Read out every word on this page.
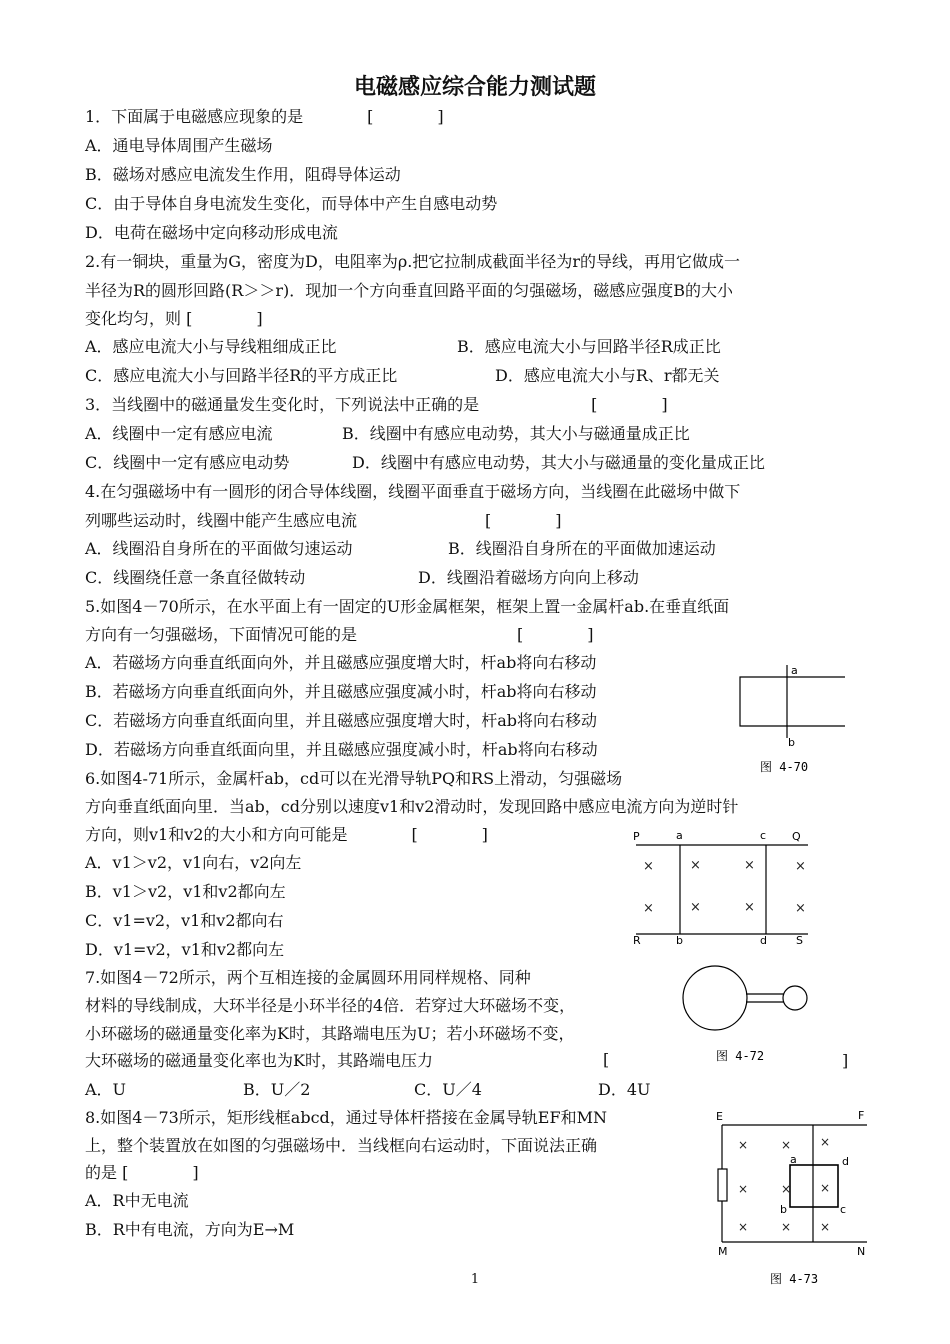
电磁感应综合能力测试题
1．下面属于电磁感应现象的是　　　　[　　　　]
A．通电导体周围产生磁场
B．磁场对感应电流发生作用，阻碍导体运动
C．由于导体自身电流发生变化，而导体中产生自感电动势
D．电荷在磁场中定向移动形成电流
2.有一铜块，重量为G，密度为D，电阻率为ρ.把它拉制成截面半径为r的导线，再用它做成一
半径为R的圆形回路(R＞＞r)．现加一个方向垂直回路平面的匀强磁场，磁感应强度B的大小
变化均匀，则 [　　　　]
A．感应电流大小与导线粗细成正比	B．感应电流大小与回路半径R成正比
C．感应电流大小与回路半径R的平方成正比	D．感应电流大小与R、r都无关
3．当线圈中的磁通量发生变化时，下列说法中正确的是　　　　　　　[　　　　]
A．线圈中一定有感应电流	B．线圈中有感应电动势，其大小与磁通量成正比
C．线圈中一定有感应电动势	D．线圈中有感应电动势，其大小与磁通量的变化量成正比
4.在匀强磁场中有一圆形的闭合导体线圈，线圈平面垂直于磁场方向，当线圈在此磁场中做下
列哪些运动时，线圈中能产生感应电流　　　　　　　　[　　　　]
A．线圈沿自身所在的平面做匀速运动	B．线圈沿自身所在的平面做加速运动
C．线圈绕任意一条直径做转动	D．线圈沿着磁场方向向上移动
5.如图4－70所示，在水平面上有一固定的U形金属框架，框架上置一金属杆ab.在垂直纸面
方向有一匀强磁场，下面情况可能的是　　　　　　　　　　[　　　　]
A．若磁场方向垂直纸面向外，并且磁感应强度增大时，杆ab将向右移动
B．若磁场方向垂直纸面向外，并且磁感应强度减小时，杆ab将向右移动
C．若磁场方向垂直纸面向里，并且磁感应强度增大时，杆ab将向右移动
D．若磁场方向垂直纸面向里，并且磁感应强度减小时，杆ab将向右移动
a
b
图 4-70
6.如图4-71所示，金属杆ab，cd可以在光滑导轨PQ和RS上滑动，匀强磁场
方向垂直纸面向里．当ab，cd分别以速度v1和v2滑动时，发现回路中感应电流方向为逆时针
方向，则v1和v2的大小和方向可能是　　　　[　　　　]
A．v1＞v2，v1向右，v2向左
B．v1＞v2，v1和v2都向左
C．v1=v2，v1和v2都向右
D．v1=v2，v1和v2都向左
P	a	c Q
R	b	d	S
×	×	×	×
×	×	×	×
7.如图4－72所示，两个互相连接的金属圆环用同样规格、同种
材料的导线制成，大环半径是小环半径的4倍．若穿过大环磁场不变，
小环磁场的磁通量变化率为K时，其路端电压为U；若小环磁场不变，
大环磁场的磁通量变化率也为K时，其路端电压力	[	]
A．U	B．U／2	C．U／4	D．4U
图 4-72
8.如图4－73所示，矩形线框abcd，通过导体杆搭接在金属导轨EF和MN
上，整个装置放在如图的匀强磁场中．当线框向右运动时，下面说法正确
的是 [　　　　]
A．R中无电流
B．R中有电流，方向为E→M
E	F
M	N
a	d
b	c
×	× ×
×	× ×
×	× ×
图 4-73
1
